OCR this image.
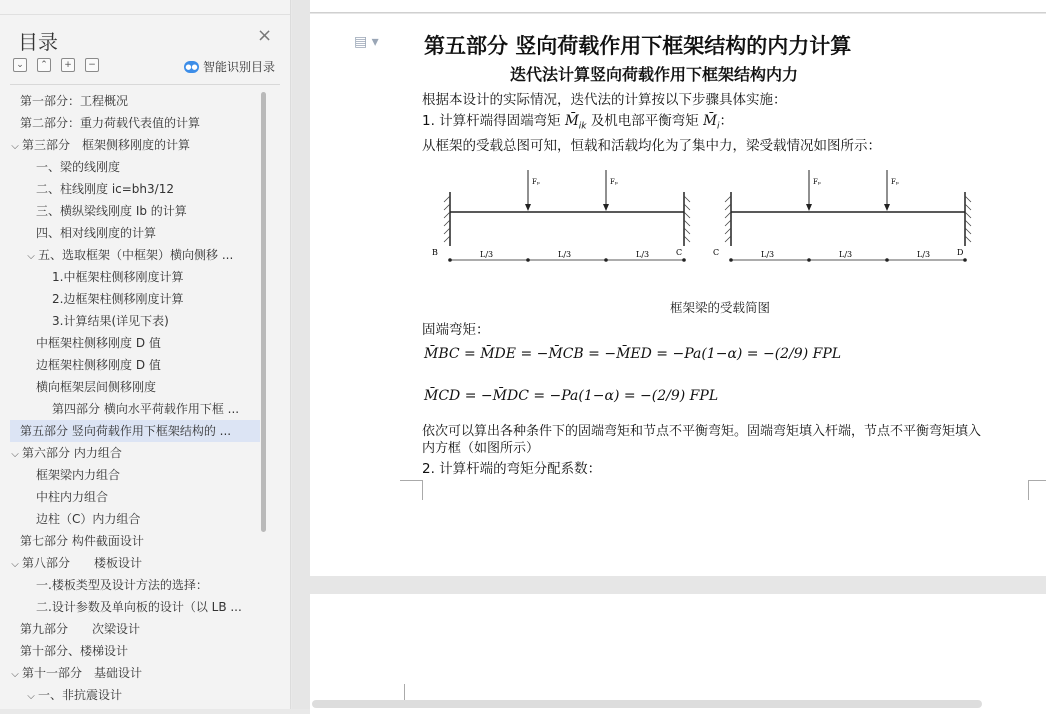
目录	×
⌄	⌃	+	−	●● 智能识别目录
第一部分：工程概况
第二部分：重力荷载代表值的计算
⌵ 第三部分　框架侧移刚度的计算
一、梁的线刚度
二、柱线刚度 ic=bh3/12
三、横纵梁线刚度 Ib 的计算
四、相对线刚度的计算
⌵ 五、选取框架（中框架）横向侧移 ...
1.中框架柱侧移刚度计算
2.边框架柱侧移刚度计算
3.计算结果(详见下表)
中框架柱侧移刚度 D 值
边框架柱侧移刚度 D 值
横向框架层间侧移刚度
第四部分 横向水平荷载作用下框 ...
第五部分 竖向荷载作用下框架结构的 ...
⌵ 第六部分 内力组合
框架梁内力组合
中柱内力组合
边柱（C）内力组合
第七部分 构件截面设计
⌵ 第八部分　　楼板设计
一.楼板类型及设计方法的选择：
二.设计参数及单向板的设计（以 LB ...
第九部分　　次梁设计
第十部分、楼梯设计
⌵ 第十一部分　基础设计
⌵ 一、非抗震设计
▤ ▾ 第五部分 竖向荷载作用下框架结构的内力计算
迭代法计算竖向荷载作用下框架结构内力
根据本设计的实际情况，迭代法的计算按以下步骤具体实施：
1. 计算杆端得固端弯矩 $M̄_{ik}$ 及机电部平衡弯矩 $M̄_i$：
从框架的受载总图可知，恒载和活载均化为了集中力，梁受载情况如图所示：
Fₚ	Fₚ
B	C
L/3	L/3	L/3
Fₚ	Fₚ
C	D
L/3	L/3	L/3
框架梁的受载简图
固端弯矩：
M̄BC = M̄DE = −M̄CB = −M̄ED = −Pa(1−α) = −(2/9) FPL
M̄CD = −M̄DC = −Pa(1−α) = −(2/9) FPL
依次可以算出各种条件下的固端弯矩和节点不平衡弯矩。固端弯矩填入杆端，节点不平衡弯矩填入
内方框（如图所示）
2. 计算杆端的弯矩分配系数：
